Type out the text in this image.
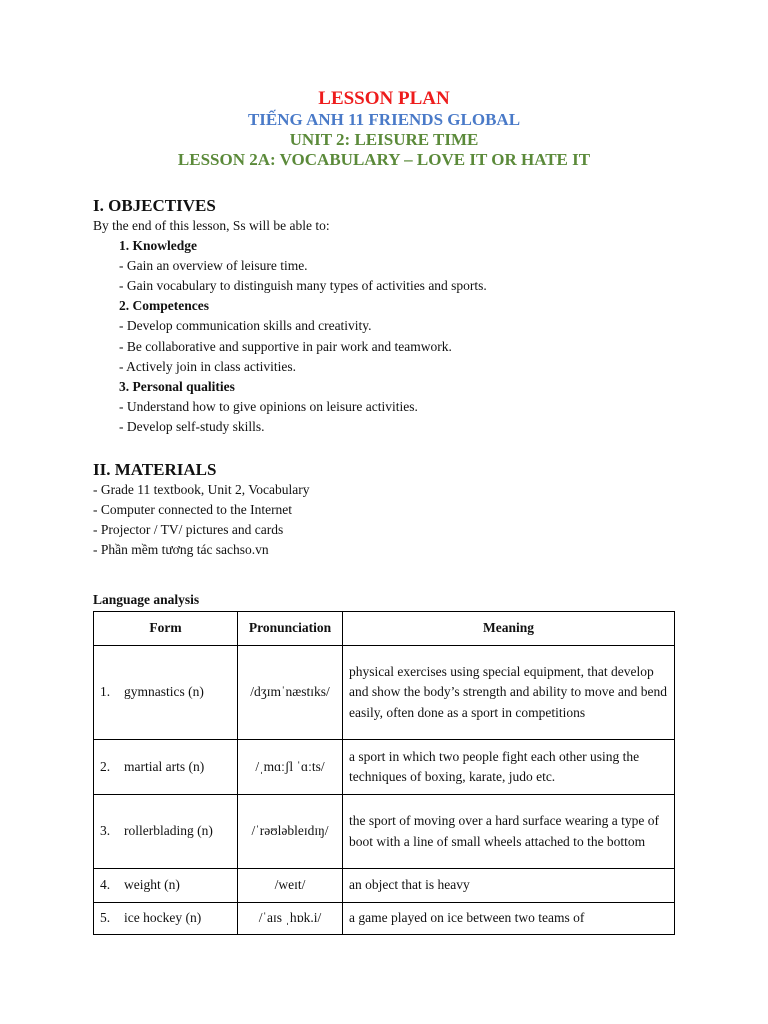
LESSON PLAN
TIẾNG ANH 11 FRIENDS GLOBAL
UNIT 2: LEISURE TIME
LESSON 2A: VOCABULARY – LOVE IT OR HATE IT
I. OBJECTIVES
By the end of this lesson, Ss will be able to:
1. Knowledge
- Gain an overview of leisure time.
- Gain vocabulary to distinguish many types of activities and sports.
2. Competences
- Develop communication skills and creativity.
- Be collaborative and supportive in pair work and teamwork.
- Actively join in class activities.
3. Personal qualities
- Understand how to give opinions on leisure activities.
- Develop self-study skills.
II. MATERIALS
- Grade 11 textbook, Unit 2, Vocabulary
- Computer connected to the Internet
- Projector / TV/ pictures and cards
- Phần mềm tương tác sachso.vn
Language analysis
Form	Pronunciation	Meaning
1. gymnastics (n)	/dʒɪmˈnæstɪks/	physical exercises using special equipment, that develop and show the body’s strength and ability to move and bend easily, often done as a sport in competitions
2. martial arts (n)	/ˌmɑːʃl ˈɑːts/	a sport in which two people fight each other using the techniques of boxing, karate, judo etc.
3. rollerblading (n)	/ˈrəʊləbleɪdɪŋ/	the sport of moving over a hard surface wearing a type of boot with a line of small wheels attached to the bottom
4. weight (n)	/weɪt/	an object that is heavy
5. ice hockey (n)	/ˈaɪs ˌhɒk.i/	a game played on ice between two teams of
